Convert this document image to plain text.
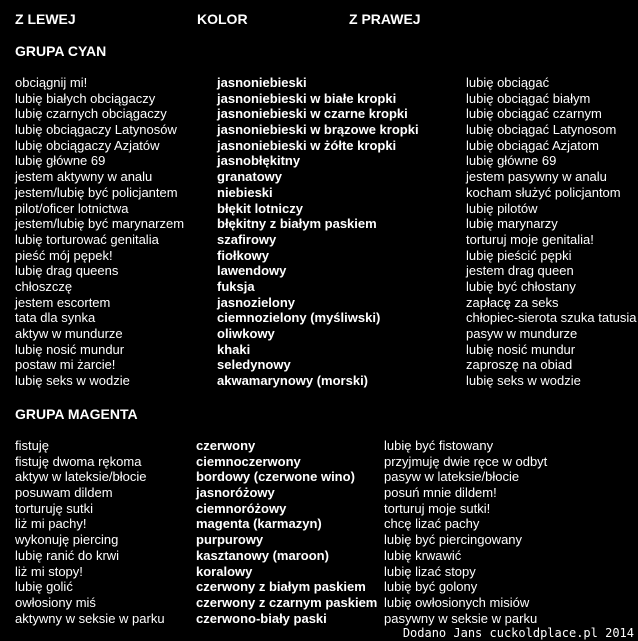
Z LEWEJ	KOLOR	Z PRAWEJ
GRUPA CYAN
GRUPA MAGENTA
obciągnij mi!
lubię białych obciągaczy
lubię czarnych obciągaczy
lubię obciągaczy Latynosów
lubię obciągaczy Azjatów
lubię główne 69
jestem aktywny w analu
jestem/lubię być policjantem
pilot/oficer lotnictwa
jestem/lubię być marynarzem
lubię torturować genitalia
pieść mój pępek!
lubię drag queens
chłoszczę
jestem escortem
tata dla synka
aktyw w mundurze
lubię nosić mundur
postaw mi żarcie!
lubię seks w wodzie
jasnoniebieski
jasnoniebieski w białe kropki
jasnoniebieski w czarne kropki
jasnoniebieski w brązowe kropki
jasnoniebieski w żółte kropki
jasnobłękitny
granatowy
niebieski
błękit lotniczy
błękitny z białym paskiem
szafirowy
fiołkowy
lawendowy
fuksja
jasnozielony
ciemnozielony (myśliwski)
oliwkowy
khaki
seledynowy
akwamarynowy (morski)
lubię obciągać
lubię obciągać białym
lubię obciągać czarnym
lubię obciągać Latynosom
lubię obciągać Azjatom
lubię główne 69
jestem pasywny w analu
kocham służyć policjantom
lubię pilotów
lubię marynarzy
torturuj moje genitalia!
lubię pieścić pępki
jestem drag queen
lubię być chłostany
zapłacę za seks
chłopiec-sierota szuka tatusia
pasyw w mundurze
lubię nosić mundur
zaproszę na obiad
lubię seks w wodzie
fistuję
fistuję dwoma rękoma
aktyw w lateksie/błocie
posuwam dildem
torturuję sutki
liż mi pachy!
wykonuję piercing
lubię ranić do krwi
liż mi stopy!
lubię golić
owłosiony miś
aktywny w seksie w parku
czerwony
ciemnoczerwony
bordowy (czerwone wino)
jasnoróżowy
ciemnoróżowy
magenta (karmazyn)
purpurowy
kasztanowy (maroon)
koralowy
czerwony z białym paskiem
czerwony z czarnym paskiem
czerwono-biały paski
lubię być fistowany
przyjmuję dwie ręce w odbyt
pasyw w lateksie/błocie
posuń mnie dildem!
torturuj moje sutki!
chcę lizać pachy
lubię być piercingowany
lubię krwawić
lubię lizać stopy
lubię być golony
lubię owłosionych misiów
pasywny w seksie w parku
Dodano Jans cuckoldplace.pl 2014
